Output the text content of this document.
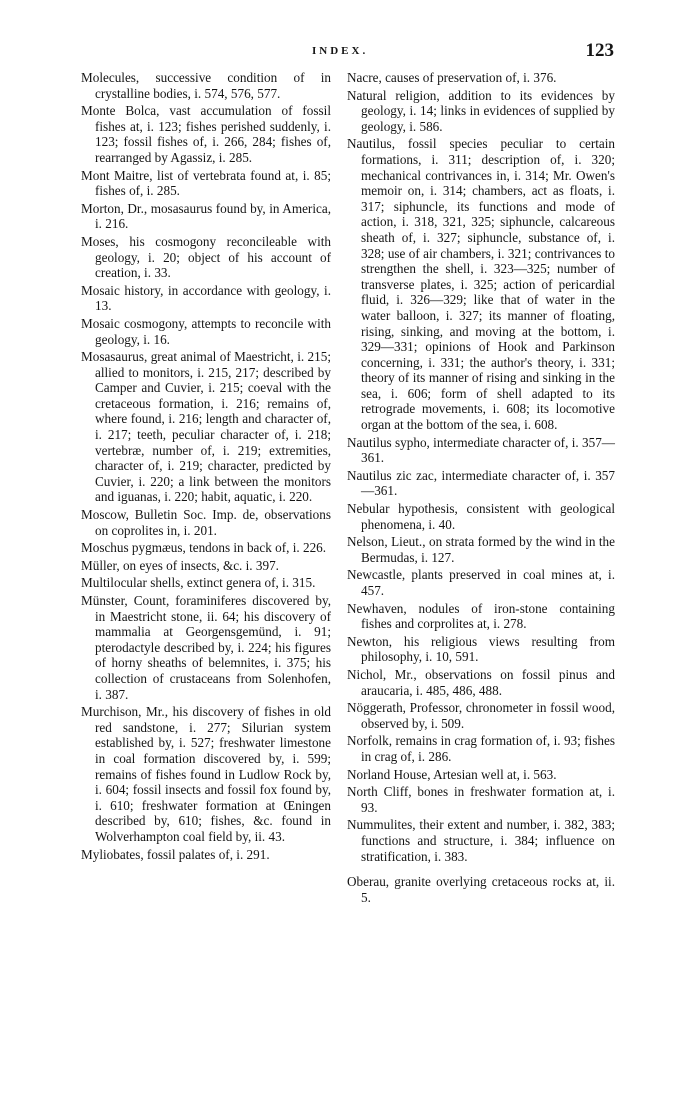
INDEX.	123

Molecules, successive condition of in crystalline bodies, i. 574, 576, 577.

Monte Bolca, vast accumulation of fossil fishes at, i. 123; fishes perished suddenly, i. 123; fossil fishes of, i. 266, 284; fishes of, rearranged by Agassiz, i. 285.

Mont Maitre, list of vertebrata found at, i. 85; fishes of, i. 285.

Morton, Dr., mosasaurus found by, in America, i. 216.

Moses, his cosmogony reconcileable with geology, i. 20; object of his account of creation, i. 33.

Mosaic history, in accordance with geology, i. 13.

Mosaic cosmogony, attempts to reconcile with geology, i. 16.

Mosasaurus, great animal of Maestricht, i. 215; allied to monitors, i. 215, 217; described by Camper and Cuvier, i. 215; coeval with the cretaceous formation, i. 216; remains of, where found, i. 216; length and character of, i. 217; teeth, peculiar character of, i. 218; vertebræ, number of, i. 219; extremities, character of, i. 219; character, predicted by Cuvier, i. 220; a link between the monitors and iguanas, i. 220; habit, aquatic, i. 220.

Moscow, Bulletin Soc. Imp. de, observations on coprolites in, i. 201.

Moschus pygmæus, tendons in back of, i. 226.

Müller, on eyes of insects, &c. i. 397.

Multilocular shells, extinct genera of, i. 315.

Münster, Count, foraminiferes discovered by, in Maestricht stone, ii. 64; his discovery of mammalia at Georgensgemünd, i. 91; pterodactyle described by, i. 224; his figures of horny sheaths of belemnites, i. 375; his collection of crustaceans from Solenhofen, i. 387.

Murchison, Mr., his discovery of fishes in old red sandstone, i. 277; Silurian system established by, i. 527; freshwater limestone in coal formation discovered by, i. 599; remains of fishes found in Ludlow Rock by, i. 604; fossil insects and fossil fox found by, i. 610; freshwater formation at Œningen described by, 610; fishes, &c. found in Wolverhampton coal field by, ii. 43.

Myliobates, fossil palates of, i. 291.

Nacre, causes of preservation of, i. 376.

Natural religion, addition to its evidences by geology, i. 14; links in evidences of supplied by geology, i. 586.

Nautilus, fossil species peculiar to certain formations, i. 311; description of, i. 320; mechanical contrivances in, i. 314; Mr. Owen's memoir on, i. 314; chambers, act as floats, i. 317; siphuncle, its functions and mode of action, i. 318, 321, 325; siphuncle, calcareous sheath of, i. 327; siphuncle, substance of, i. 328; use of air chambers, i. 321; contrivances to strengthen the shell, i. 323—325; number of transverse plates, i. 325; action of pericardial fluid, i. 326—329; like that of water in the water balloon, i. 327; its manner of floating, rising, sinking, and moving at the bottom, i. 329—331; opinions of Hook and Parkinson concerning, i. 331; the author's theory, i. 331; theory of its manner of rising and sinking in the sea, i. 606; form of shell adapted to its retrograde movements, i. 608; its locomotive organ at the bottom of the sea, i. 608.

Nautilus sypho, intermediate character of, i. 357—361.

Nautilus zic zac, intermediate character of, i. 357—361.

Nebular hypothesis, consistent with geological phenomena, i. 40.

Nelson, Lieut., on strata formed by the wind in the Bermudas, i. 127.

Newcastle, plants preserved in coal mines at, i. 457.

Newhaven, nodules of iron-stone containing fishes and corprolites at, i. 278.

Newton, his religious views resulting from philosophy, i. 10, 591.

Nichol, Mr., observations on fossil pinus and araucaria, i. 485, 486, 488.

Nöggerath, Professor, chronometer in fossil wood, observed by, i. 509.

Norfolk, remains in crag formation of, i. 93; fishes in crag of, i. 286.

Norland House, Artesian well at, i. 563.

North Cliff, bones in freshwater formation at, i. 93.

Nummulites, their extent and number, i. 382, 383; functions and structure, i. 384; influence on stratification, i. 383.

Oberau, granite overlying cretaceous rocks at, ii. 5.
